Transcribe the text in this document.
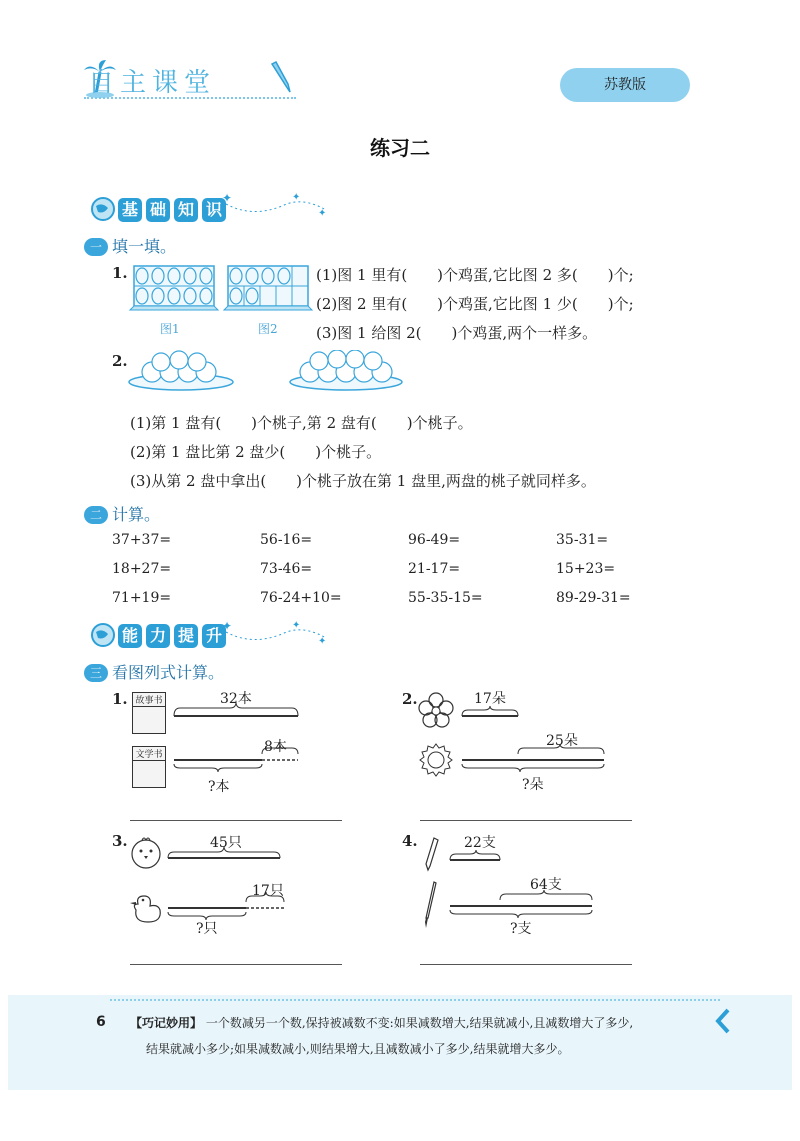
自主课堂	苏教版
练习二
基 础 知 识
✦	✦
✦
一 填一填。
1.
图1	图2
(1)图 1 里有(　　)个鸡蛋,它比图 2 多(　　)个;
(2)图 2 里有(　　)个鸡蛋,它比图 1 少(　　)个;
(3)图 1 给图 2(　　)个鸡蛋,两个一样多。
2.
(1)第 1 盘有(　　)个桃子,第 2 盘有(　　)个桃子。
(2)第 1 盘比第 2 盘少(　　)个桃子。
(3)从第 2 盘中拿出(　　)个桃子放在第 1 盘里,两盘的桃子就同样多。
二 计算。
37+37=	56-16=	96-49=	35-31=
18+27=	73-46=	21-17=	15+23=
71+19=	76-24+10=	55-35-15=	89-29-31=
能 力 提 升 ✦	✦
✦
三 看图列式计算。
1. 故事书
文学书
32本
8本
?本
2.	17朵
25朵
?朵
3.	45只
17只
?只
4.	22支
64支
?支
6 【巧记妙用】 一个数减另一个数,保持被减数不变:如果减数增大,结果就减小,且减数增大了多少,
结果就减小多少;如果减数减小,则结果增大,且减数减小了多少,结果就增大多少。
